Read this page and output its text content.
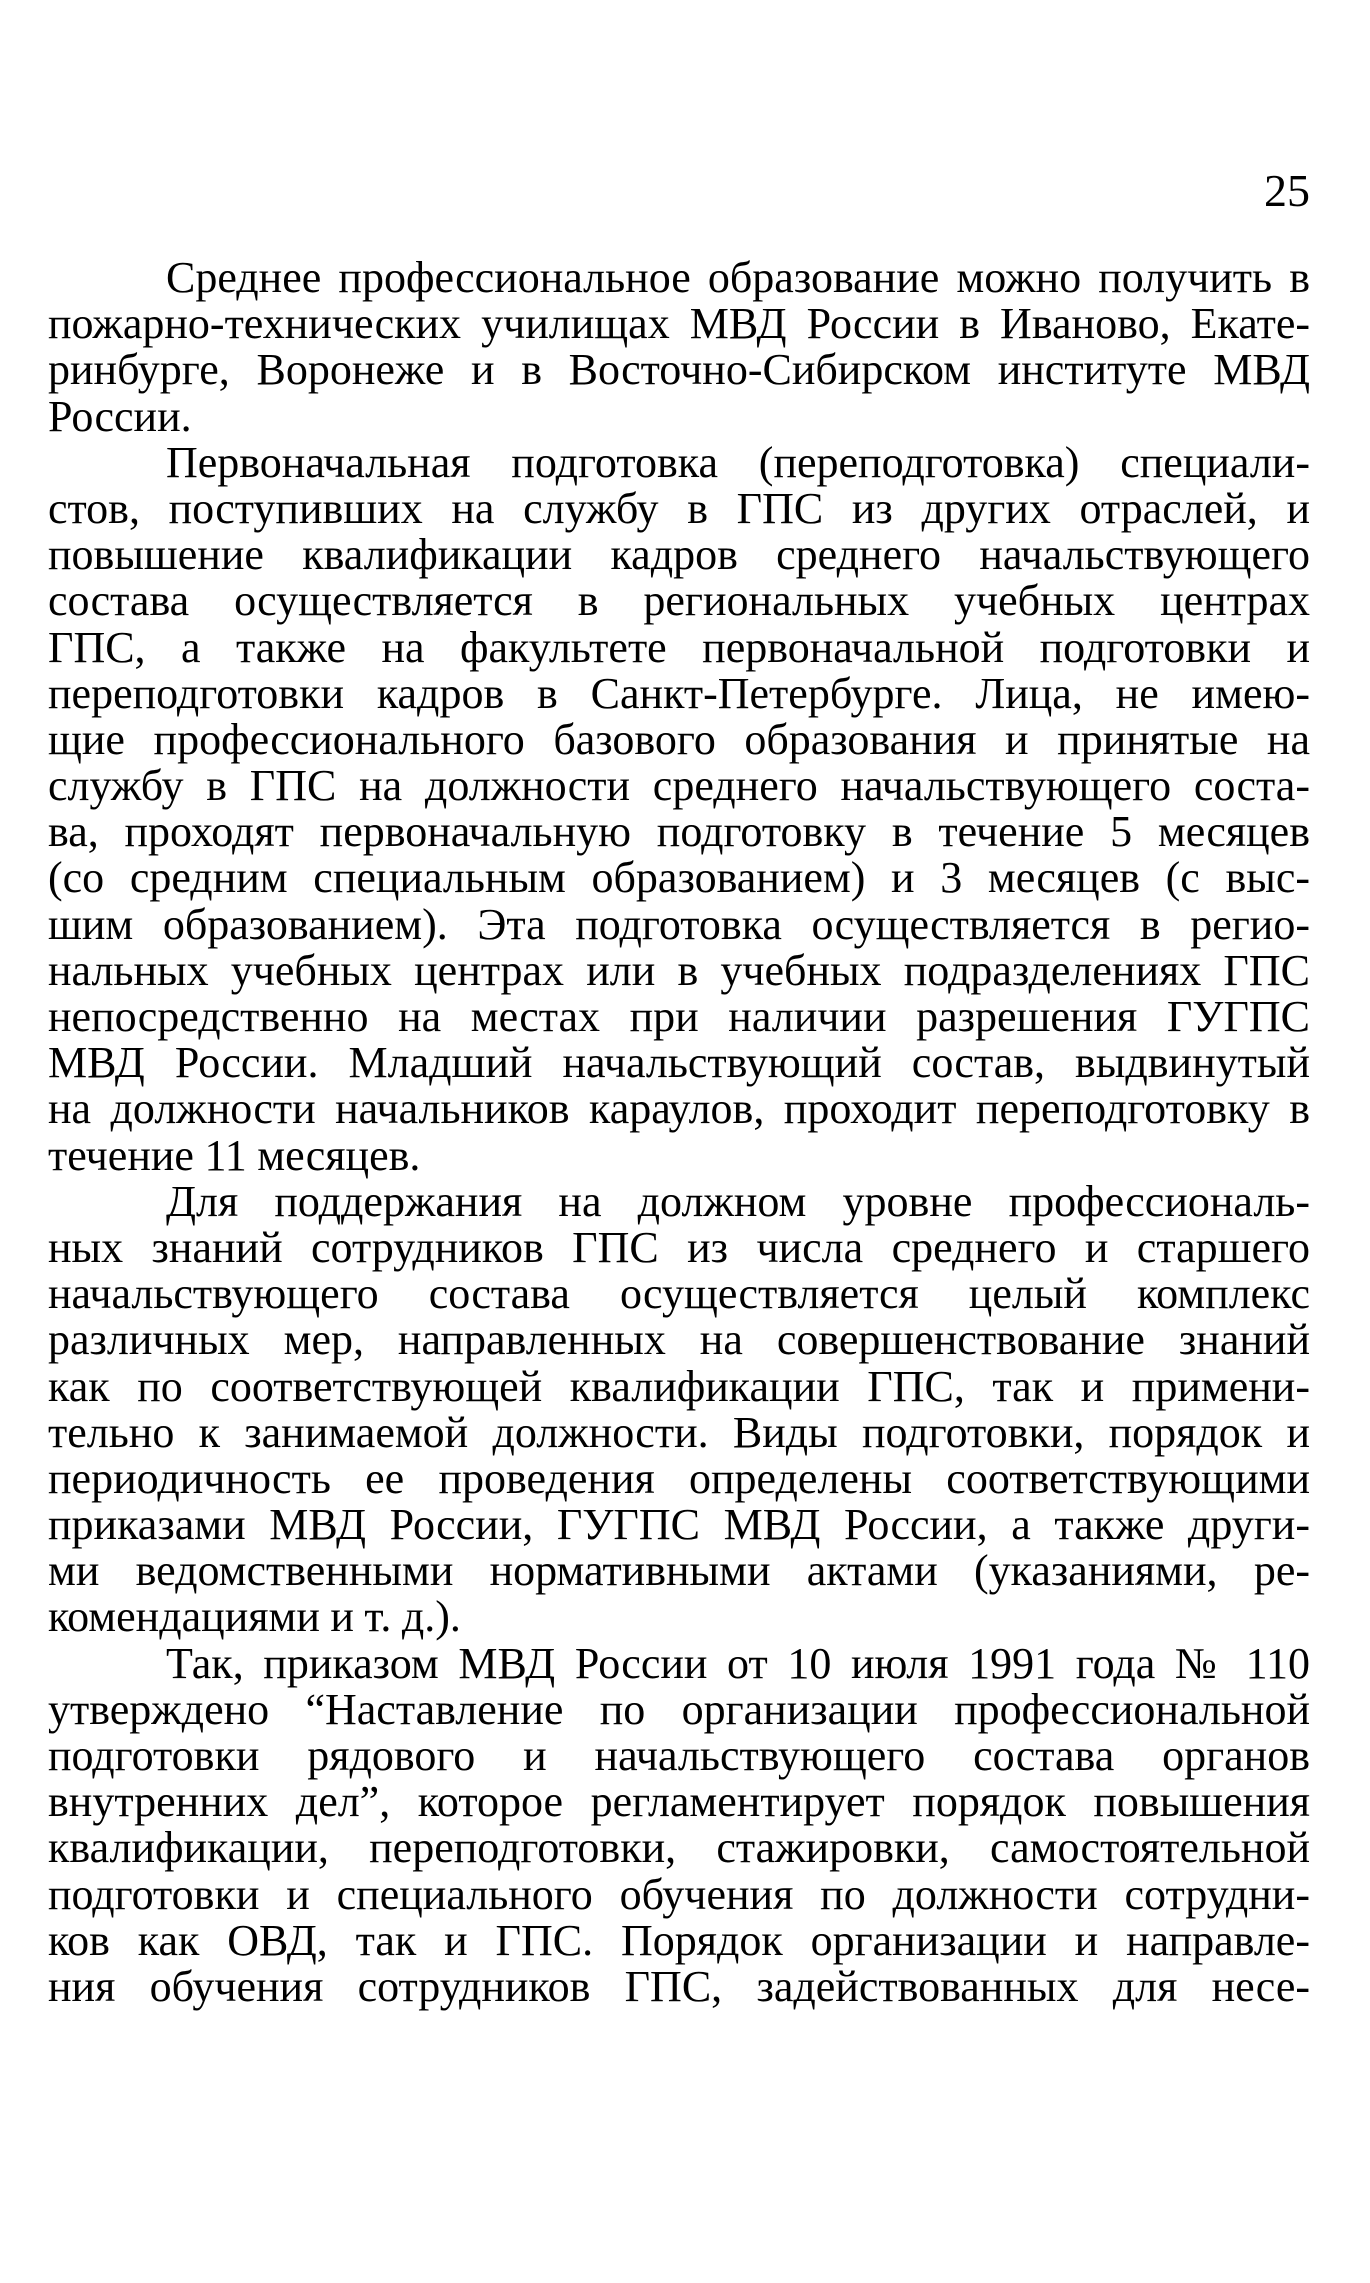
25
Среднее профессиональное образование можно получить в
пожарно-технических училищах МВД России в Иваново, Екате-
ринбурге, Воронеже и в Восточно-Сибирском институте МВД
России.
Первоначальная подготовка (переподготовка) специали-
стов, поступивших на службу в ГПС из других отраслей, и
повышение квалификации кадров среднего начальствующего
состава осуществляется в региональных учебных центрах
ГПС, а также на факультете первоначальной подготовки и
переподготовки кадров в Санкт-Петербурге. Лица, не имею-
щие профессионального базового образования и принятые на
службу в ГПС на должности среднего начальствующего соста-
ва, проходят первоначальную подготовку в течение 5 месяцев
(со средним специальным образованием) и 3 месяцев (с выс-
шим образованием). Эта подготовка осуществляется в регио-
нальных учебных центрах или в учебных подразделениях ГПС
непосредственно на местах при наличии разрешения ГУГПС
МВД России. Младший начальствующий состав, выдвинутый
на должности начальников караулов, проходит переподготовку в
течение 11 месяцев.
Для поддержания на должном уровне профессиональ-
ных знаний сотрудников ГПС из числа среднего и старшего
начальствующего состава осуществляется целый комплекс
различных мер, направленных на совершенствование знаний
как по соответствующей квалификации ГПС, так и примени-
тельно к занимаемой должности. Виды подготовки, порядок и
периодичность ее проведения определены соответствующими
приказами МВД России, ГУГПС МВД России, а также други-
ми ведомственными нормативными актами (указаниями, ре-
комендациями и т. д.).
Так, приказом МВД России от 10 июля 1991 года № 110
утверждено “Наставление по организации профессиональной
подготовки рядового и начальствующего состава органов
внутренних дел”, которое регламентирует порядок повышения
квалификации, переподготовки, стажировки, самостоятельной
подготовки и специального обучения по должности сотрудни-
ков как ОВД, так и ГПС. Порядок организации и направле-
ния обучения сотрудников ГПС, задействованных для несе-
